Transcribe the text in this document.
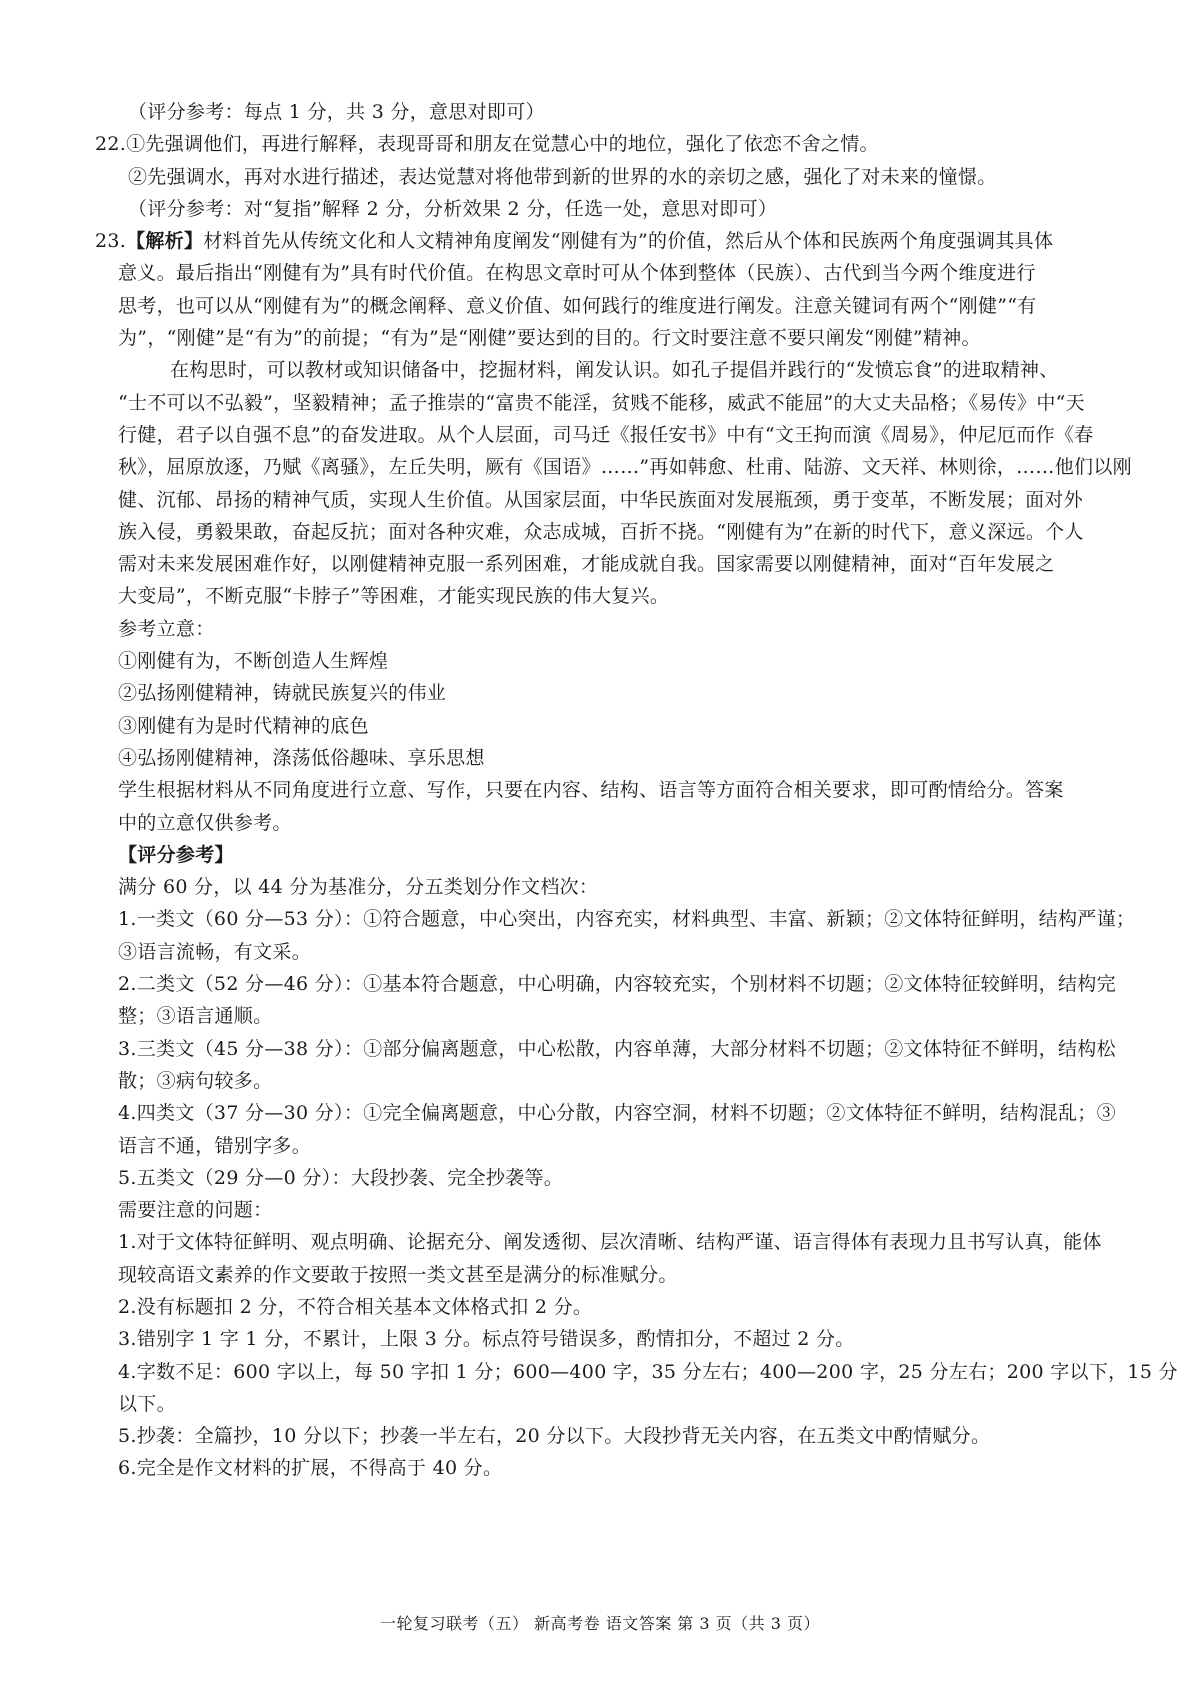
（评分参考：每点 1 分，共 3 分，意思对即可）
22.①先强调他们，再进行解释，表现哥哥和朋友在觉慧心中的地位，强化了依恋不舍之情。
②先强调水，再对水进行描述，表达觉慧对将他带到新的世界的水的亲切之感，强化了对未来的憧憬。
（评分参考：对“复指”解释 2 分，分析效果 2 分，任选一处，意思对即可）
23.【解析】材料首先从传统文化和人文精神角度阐发“刚健有为”的价值，然后从个体和民族两个角度强调其具体
意义。最后指出“刚健有为”具有时代价值。在构思文章时可从个体到整体（民族）、古代到当今两个维度进行
思考，也可以从“刚健有为”的概念阐释、意义价值、如何践行的维度进行阐发。注意关键词有两个“刚健”“有
为”，“刚健”是“有为”的前提；“有为”是“刚健”要达到的目的。行文时要注意不要只阐发“刚健”精神。
在构思时，可以教材或知识储备中，挖掘材料，阐发认识。如孔子提倡并践行的“发愤忘食”的进取精神、
“士不可以不弘毅”，坚毅精神；孟子推崇的“富贵不能淫，贫贱不能移，威武不能屈”的大丈夫品格；《易传》中“天
行健，君子以自强不息”的奋发进取。从个人层面，司马迁《报任安书》中有“文王拘而演《周易》，仲尼厄而作《春
秋》，屈原放逐，乃赋《离骚》，左丘失明，厥有《国语》……”再如韩愈、杜甫、陆游、文天祥、林则徐，……他们以刚
健、沉郁、昂扬的精神气质，实现人生价值。从国家层面，中华民族面对发展瓶颈，勇于变革，不断发展；面对外
族入侵，勇毅果敢，奋起反抗；面对各种灾难，众志成城，百折不挠。“刚健有为”在新的时代下，意义深远。个人
需对未来发展困难作好，以刚健精神克服一系列困难，才能成就自我。国家需要以刚健精神，面对“百年发展之
大变局”，不断克服“卡脖子”等困难，才能实现民族的伟大复兴。
参考立意：
①刚健有为，不断创造人生辉煌
②弘扬刚健精神，铸就民族复兴的伟业
③刚健有为是时代精神的底色
④弘扬刚健精神，涤荡低俗趣味、享乐思想
学生根据材料从不同角度进行立意、写作，只要在内容、结构、语言等方面符合相关要求，即可酌情给分。答案
中的立意仅供参考。
【评分参考】
满分 60 分，以 44 分为基准分，分五类划分作文档次：
1.一类文（60 分—53 分）：①符合题意，中心突出，内容充实，材料典型、丰富、新颖；②文体特征鲜明，结构严谨；
③语言流畅，有文采。
2.二类文（52 分—46 分）：①基本符合题意，中心明确，内容较充实，个别材料不切题；②文体特征较鲜明，结构完
整；③语言通顺。
3.三类文（45 分—38 分）：①部分偏离题意，中心松散，内容单薄，大部分材料不切题；②文体特征不鲜明，结构松
散；③病句较多。
4.四类文（37 分—30 分）：①完全偏离题意，中心分散，内容空洞，材料不切题；②文体特征不鲜明，结构混乱；③
语言不通，错别字多。
5.五类文（29 分—0 分）：大段抄袭、完全抄袭等。
需要注意的问题：
1.对于文体特征鲜明、观点明确、论据充分、阐发透彻、层次清晰、结构严谨、语言得体有表现力且书写认真，能体
现较高语文素养的作文要敢于按照一类文甚至是满分的标准赋分。
2.没有标题扣 2 分，不符合相关基本文体格式扣 2 分。
3.错别字 1 字 1 分，不累计，上限 3 分。标点符号错误多，酌情扣分，不超过 2 分。
4.字数不足：600 字以上，每 50 字扣 1 分；600—400 字，35 分左右；400—200 字，25 分左右；200 字以下，15 分
以下。
5.抄袭：全篇抄，10 分以下；抄袭一半左右，20 分以下。大段抄背无关内容，在五类文中酌情赋分。
6.完全是作文材料的扩展，不得高于 40 分。
一轮复习联考（五） 新高考卷 语文答案 第 3 页（共 3 页）
